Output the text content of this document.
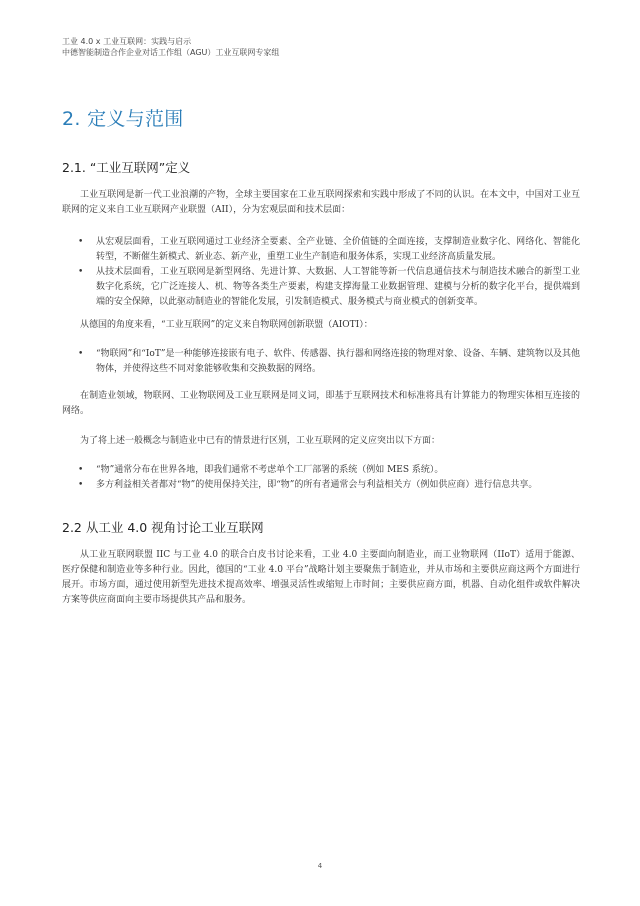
工业 4.0 x 工业互联网：实践与启示
中德智能制造合作企业对话工作组（AGU）工业互联网专家组
2. 定义与范围
2.1. “工业互联网”定义
工业互联网是新一代工业浪潮的产物，全球主要国家在工业互联网探索和实践中形成了不同的认识。在本文中，中国对工业互联网的定义来自工业互联网产业联盟（AII），分为宏观层面和技术层面：
• 从宏观层面看，工业互联网通过工业经济全要素、全产业链、全价值链的全面连接，支撑制造业数字化、网络化、智能化转型，不断催生新模式、新业态、新产业，重塑工业生产制造和服务体系，实现工业经济高质量发展。
• 从技术层面看，工业互联网是新型网络、先进计算、大数据、人工智能等新一代信息通信技术与制造技术融合的新型工业数字化系统，它广泛连接人、机、物等各类生产要素，构建支撑海量工业数据管理、建模与分析的数字化平台，提供端到端的安全保障，以此驱动制造业的智能化发展，引发制造模式、服务模式与商业模式的创新变革。
从德国的角度来看，“工业互联网”的定义来自物联网创新联盟（AIOTI）：
• “物联网”和“IoT”是一种能够连接嵌有电子、软件、传感器、执行器和网络连接的物理对象、设备、车辆、建筑物以及其他物体，并使得这些不同对象能够收集和交换数据的网络。
在制造业领域，物联网、工业物联网及工业互联网是同义词，即基于互联网技术和标准将具有计算能力的物理实体相互连接的网络。
为了将上述一般概念与制造业中已有的情景进行区别，工业互联网的定义应突出以下方面：
• “物”通常分布在世界各地，即我们通常不考虑单个工厂部署的系统（例如 MES 系统）。
• 多方利益相关者都对“物”的使用保持关注，即“物”的所有者通常会与利益相关方（例如供应商）进行信息共享。
2.2 从工业 4.0 视角讨论工业互联网
从工业互联网联盟 IIC 与工业 4.0 的联合白皮书讨论来看，工业 4.0 主要面向制造业，而工业物联网（IIoT）适用于能源、医疗保健和制造业等多种行业。因此，德国的“工业 4.0 平台”战略计划主要聚焦于制造业，并从市场和主要供应商这两个方面进行展开。市场方面，通过使用新型先进技术提高效率、增强灵活性或缩短上市时间；主要供应商方面，机器、自动化组件或软件解决方案等供应商面向主要市场提供其产品和服务。
4
